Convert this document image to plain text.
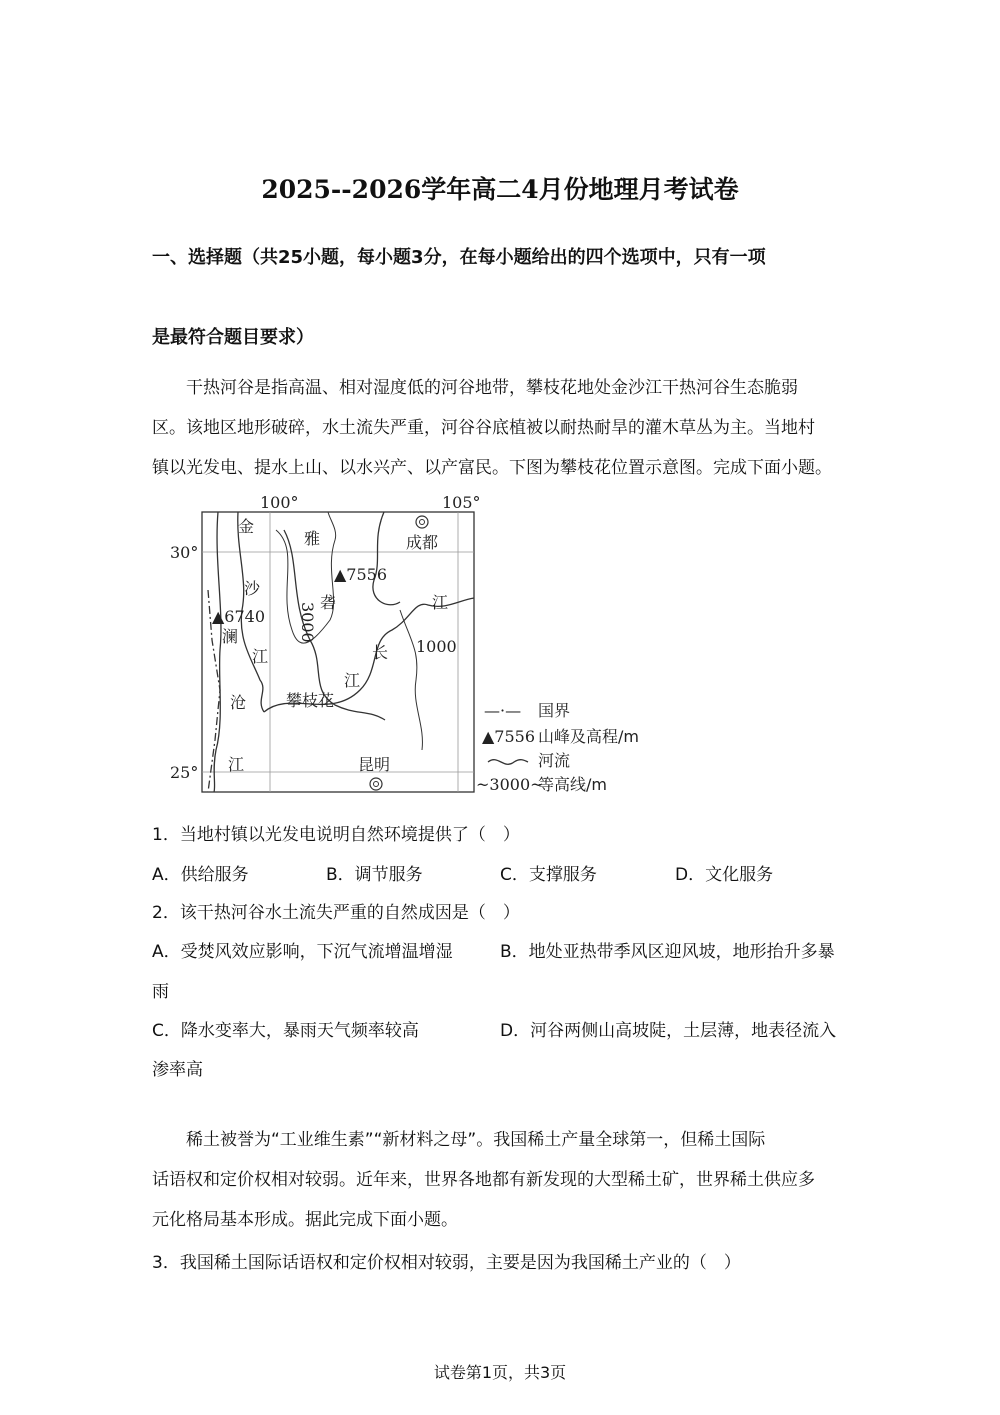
2025--2026学年高二4月份地理月考试卷
一、选择题（共25小题，每小题3分，在每小题给出的四个选项中，只有一项
是最符合题目要求）
　　干热河谷是指高温、相对湿度低的河谷地带，攀枝花地处金沙江干热河谷生态脆弱
区。该地区地形破碎，水土流失严重，河谷谷底植被以耐热耐旱的灌木草丛为主。当地村
镇以光发电、提水上山、以水兴产、以产富民。下图为攀枝花位置示意图。完成下面小题。
100°	105°
30°
25°
金
沙
江
澜
沧
江
雅
砻
长
江
江
成都
昆明
攀枝花
▲7556
▲6740 3000
1000
—·— 国界
▲7556 山峰及高程/m
河流
~3000~
等高线/m
1．当地村镇以光发电说明自然环境提供了（　）
A．供给服务	B．调节服务	C．支撑服务	D．文化服务
2．该干热河谷水土流失严重的自然成因是（　）
A．受焚风效应影响，下沉气流增温增湿	B．地处亚热带季风区迎风坡，地形抬升多暴
雨
C．降水变率大，暴雨天气频率较高	D．河谷两侧山高坡陡，土层薄，地表径流入
渗率高
　　稀土被誉为“工业维生素”“新材料之母”。我国稀土产量全球第一，但稀土国际
话语权和定价权相对较弱。近年来，世界各地都有新发现的大型稀土矿，世界稀土供应多
元化格局基本形成。据此完成下面小题。
3．我国稀土国际话语权和定价权相对较弱，主要是因为我国稀土产业的（　）
试卷第1页，共3页
